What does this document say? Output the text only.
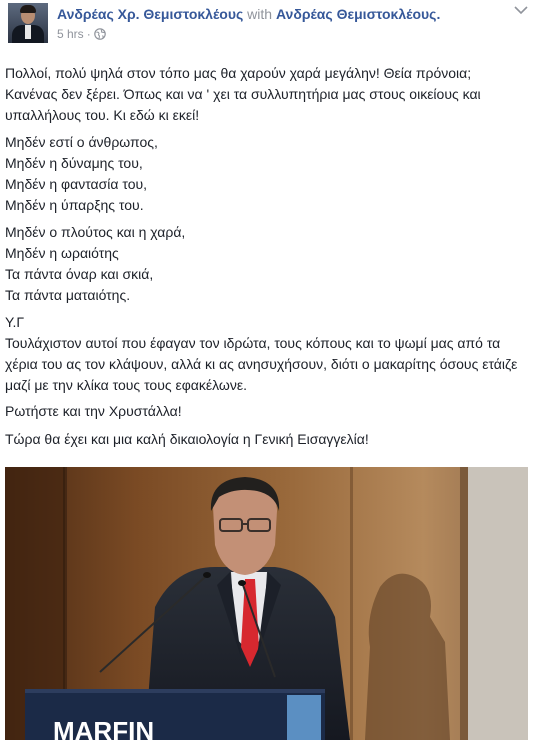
Ανδρέας Χρ. Θεμιστοκλέους with Ανδρέας Θεμιστοκλέους.
5 hrs ·

Πολλοί, πολύ ψηλά στον τόπο μας θα χαρούν χαρά μεγάλην! Θεία πρόνοια; Κανένας δεν ξέρει. Όπως και να ' χει τα συλλυπητήρια μας στους οικείους και υπαλλήλους του. Κι εδώ κι εκεί!

Μηδέν εστί ο άνθρωπος,

Μηδέν η δύναμης του,

Μηδέν η φαντασία του,

Μηδέν η ύπαρξης του.

Μηδέν ο πλούτος και η χαρά,

Μηδέν η ωραιότης

Τα πάντα όναρ και σκιά,

Τα πάντα ματαιότης.

Υ.Γ

Τουλάχιστον αυτοί που έφαγαν τον ιδρώτα, τους κόπους και το ψωμί μας από τα χέρια του ας τον κλάψουν, αλλά κι ας ανησυχήσουν, διότι ο μακαρίτης όσους ετάιζε μαζί με την κλίκα τους τους εφακέλωνε.

Ρωτήστε και την Χρυστάλλα!

Τώρα θα έχει και μια καλή δικαιολογία η Γενική Εισαγγελία!

MARFIN
